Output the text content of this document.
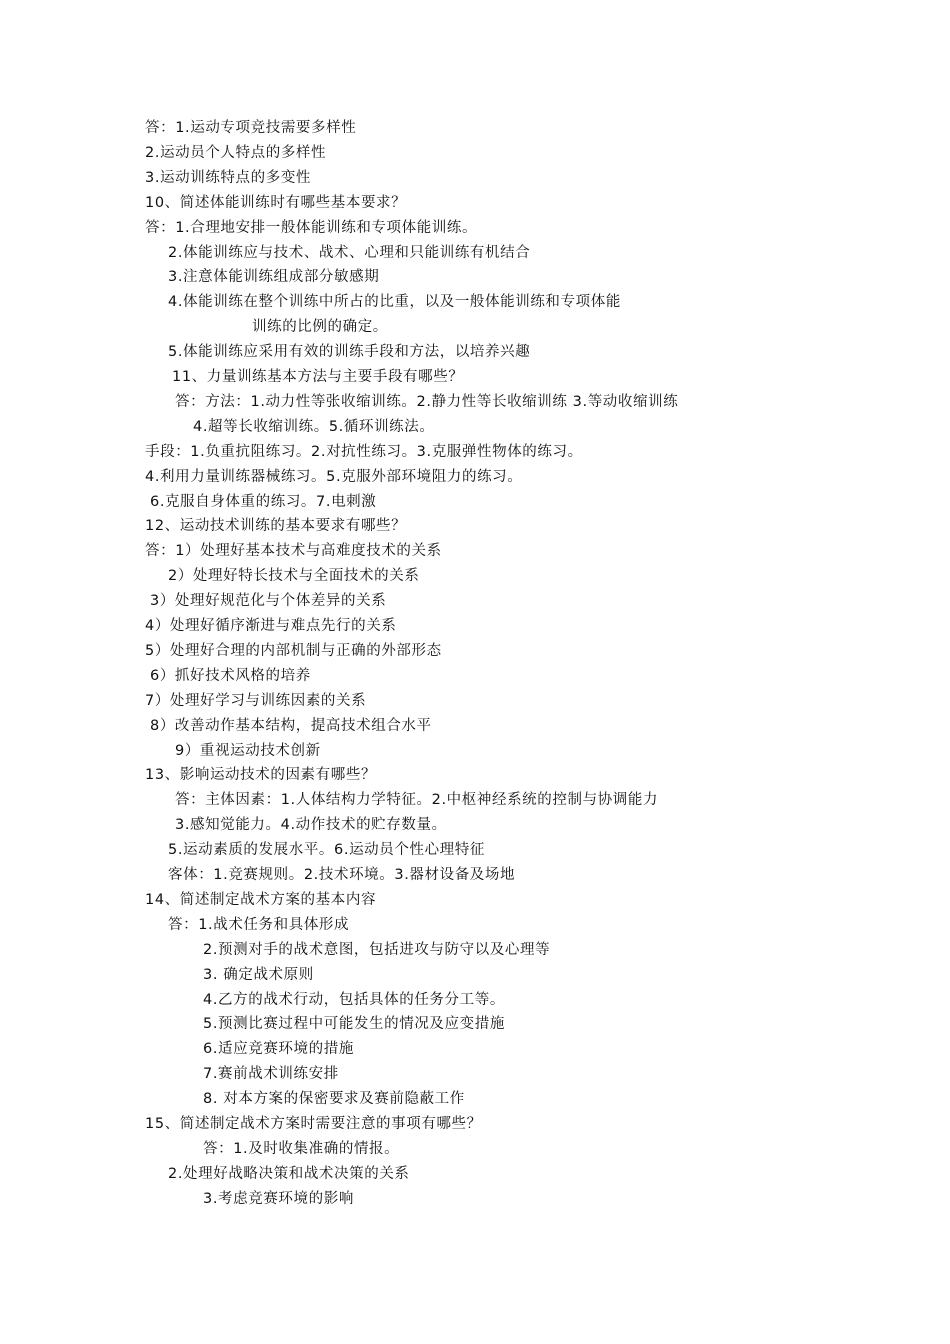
答：1.运动专项竞技需要多样性
2.运动员个人特点的多样性
3.运动训练特点的多变性
10、简述体能训练时有哪些基本要求？
答：1.合理地安排一般体能训练和专项体能训练。
2.体能训练应与技术、战术、心理和只能训练有机结合
3.注意体能训练组成部分敏感期
4.体能训练在整个训练中所占的比重，以及一般体能训练和专项体能
训练的比例的确定。
5.体能训练应采用有效的训练手段和方法，以培养兴趣
11、力量训练基本方法与主要手段有哪些？
答：方法：1.动力性等张收缩训练。2.静力性等长收缩训练 3.等动收缩训练
4.超等长收缩训练。5.循环训练法。
手段：1.负重抗阻练习。2.对抗性练习。3.克服弹性物体的练习。
4.利用力量训练器械练习。5.克服外部环境阻力的练习。
6.克服自身体重的练习。7.电刺激
12、运动技术训练的基本要求有哪些？
答：1）处理好基本技术与高难度技术的关系
2）处理好特长技术与全面技术的关系
3）处理好规范化与个体差异的关系
4）处理好循序渐进与难点先行的关系
5）处理好合理的内部机制与正确的外部形态
6）抓好技术风格的培养
7）处理好学习与训练因素的关系
8）改善动作基本结构，提高技术组合水平
9）重视运动技术创新
13、影响运动技术的因素有哪些？
答：主体因素：1.人体结构力学特征。2.中枢神经系统的控制与协调能力
3.感知觉能力。4.动作技术的贮存数量。
5.运动素质的发展水平。6.运动员个性心理特征
客体：1.竞赛规则。2.技术环境。3.器材设备及场地
14、简述制定战术方案的基本内容
答：1.战术任务和具体形成
2.预测对手的战术意图，包括进攻与防守以及心理等
3. 确定战术原则
4.乙方的战术行动，包括具体的任务分工等。
5.预测比赛过程中可能发生的情况及应变措施
6.适应竞赛环境的措施
7.赛前战术训练安排
8. 对本方案的保密要求及赛前隐蔽工作
15、简述制定战术方案时需要注意的事项有哪些？
答：1.及时收集准确的情报。
2.处理好战略决策和战术决策的关系
3.考虑竞赛环境的影响
